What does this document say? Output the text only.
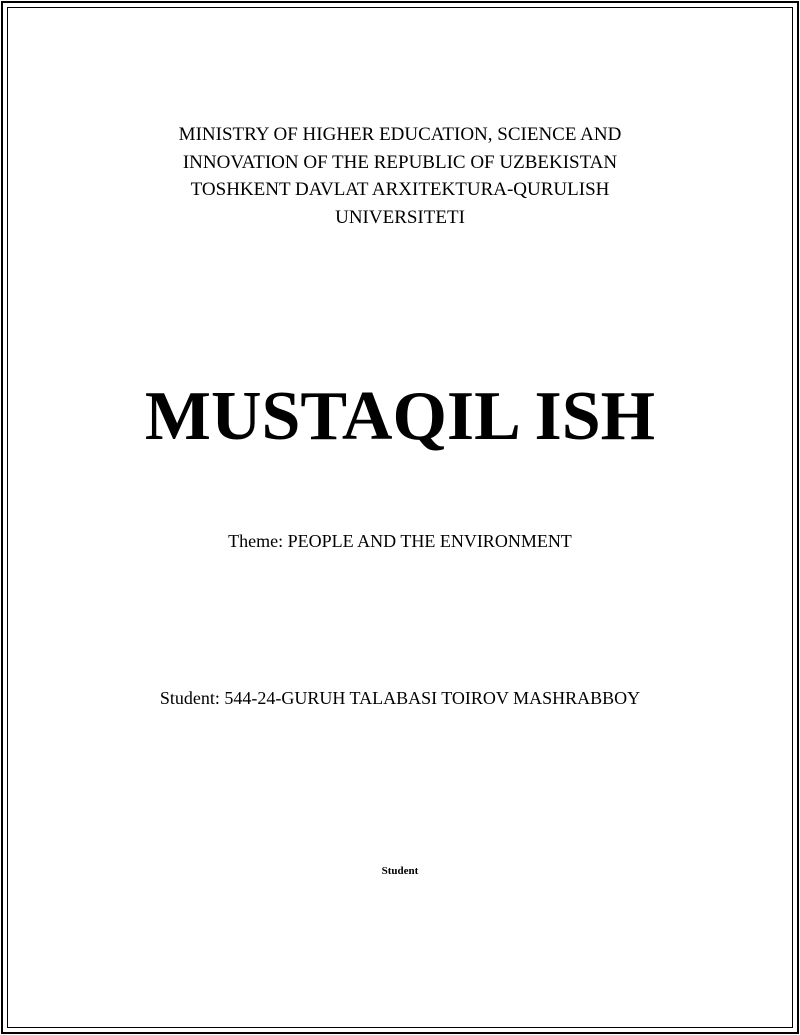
MINISTRY OF HIGHER EDUCATION, SCIENCE AND
INNOVATION OF THE REPUBLIC OF UZBEKISTAN
TOSHKENT DAVLAT ARXITEKTURA-QURULISH
UNIVERSITETI
MUSTAQIL ISH
Theme: PEOPLE AND THE ENVIRONMENT
Student: 544-24-GURUH TALABASI TOIROV MASHRABBOY
Student
